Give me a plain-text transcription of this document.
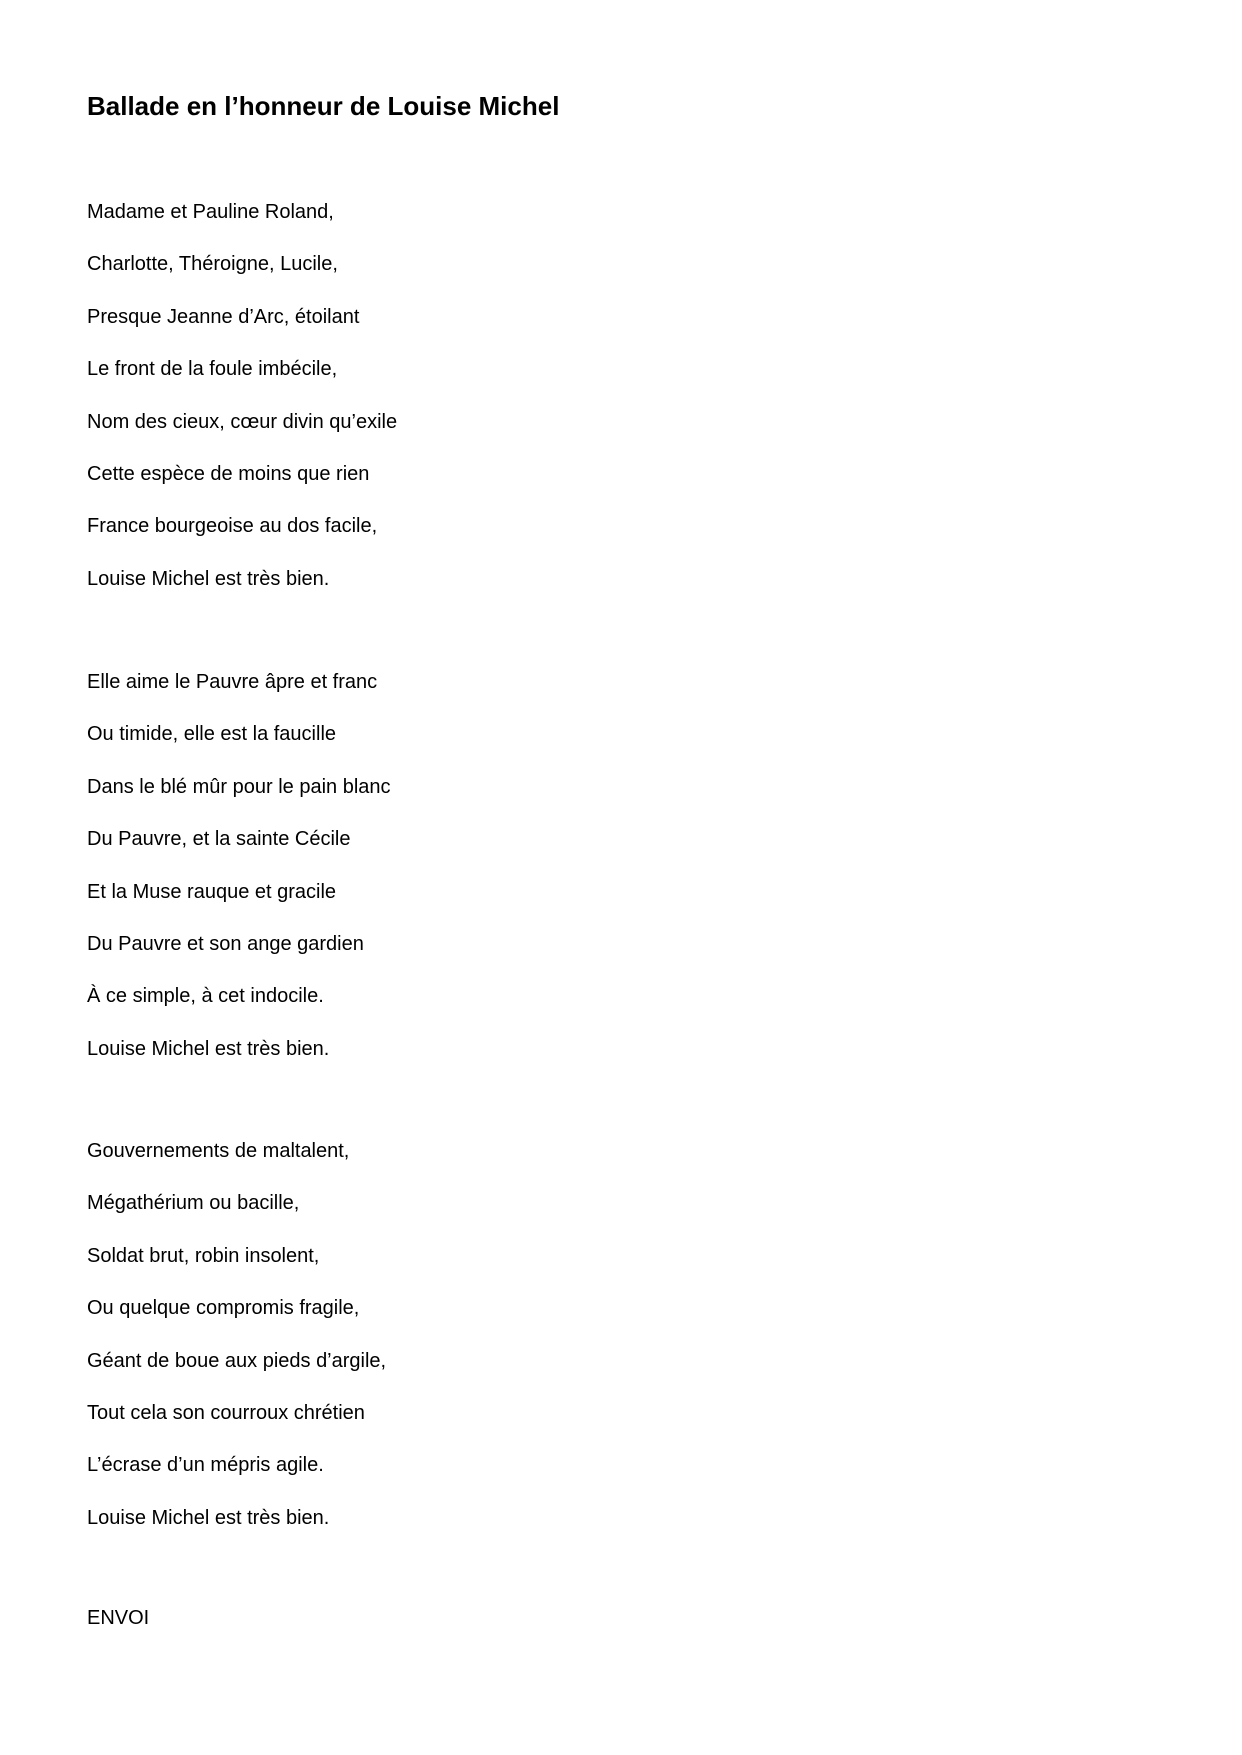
Ballade en l’honneur de Louise Michel
Madame et Pauline Roland,
Charlotte, Théroigne, Lucile,
Presque Jeanne d’Arc, étoilant
Le front de la foule imbécile,
Nom des cieux, cœur divin qu’exile
Cette espèce de moins que rien
France bourgeoise au dos facile,
Louise Michel est très bien.
Elle aime le Pauvre âpre et franc
Ou timide, elle est la faucille
Dans le blé mûr pour le pain blanc
Du Pauvre, et la sainte Cécile
Et la Muse rauque et gracile
Du Pauvre et son ange gardien
À ce simple, à cet indocile.
Louise Michel est très bien.
Gouvernements de maltalent,
Mégathérium ou bacille,
Soldat brut, robin insolent,
Ou quelque compromis fragile,
Géant de boue aux pieds d’argile,
Tout cela son courroux chrétien
L’écrase d’un mépris agile.
Louise Michel est très bien.

ENVOI
